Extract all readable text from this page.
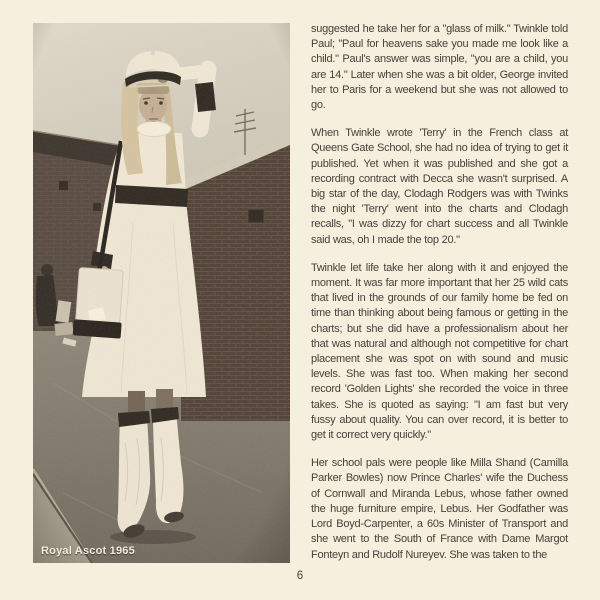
Royal Ascot 1965

suggested he take her for a "glass of milk." Twinkle told Paul; "Paul for heavens sake you made me look like a child." Paul's answer was simple, "you are a child, you are 14." Later when she was a bit older, George invited her to Paris for a weekend but she was not allowed to go.

When Twinkle wrote 'Terry' in the French class at Queens Gate School, she had no idea of trying to get it published. Yet when it was published and she got a recording contract with Decca she wasn't surprised. A big star of the day, Clodagh Rodgers was with Twinks the night 'Terry' went into the charts and Clodagh recalls, "I was dizzy for chart success and all Twinkle said was, oh I made the top 20."

Twinkle let life take her along with it and enjoyed the moment. It was far more important that her 25 wild cats that lived in the grounds of our family home be fed on time than thinking about being famous or getting in the charts; but she did have a professionalism about her that was natural and although not competitive for chart placement she was spot on with sound and music levels. She was fast too. When making her second record 'Golden Lights' she recorded the voice in three takes. She is quoted as saying: "I am fast but very fussy about quality. You can over record, it is better to get it correct very quickly."

Her school pals were people like Milla Shand (Camilla Parker Bowles) now Prince Charles' wife the Duchess of Cornwall and Miranda Lebus, whose father owned the huge furniture empire, Lebus. Her Godfather was Lord Boyd-Carpenter, a 60s Minister of Transport and she went to the South of France with Dame Margot Fonteyn and Rudolf Nureyev. She was taken to the

6
